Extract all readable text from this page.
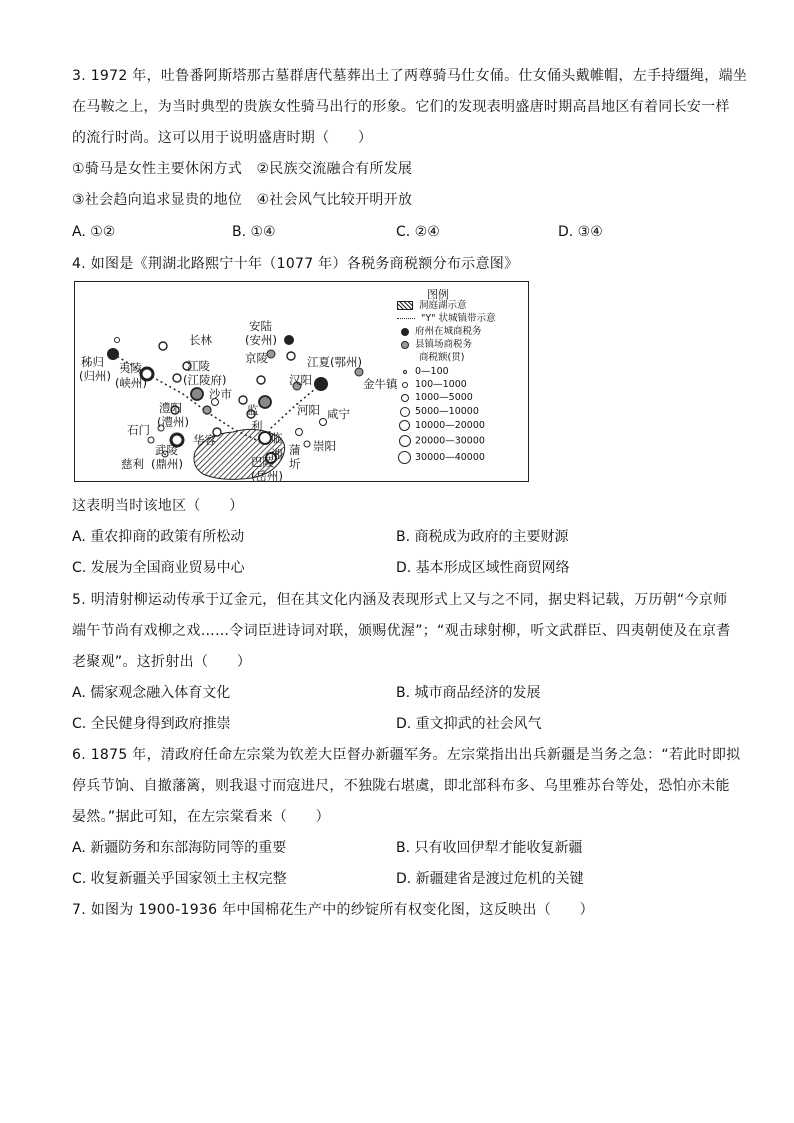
3. 1972 年，吐鲁番阿斯塔那古墓群唐代墓葬出土了两尊骑马仕女俑。仕女俑头戴帷帽，左手持缰绳，端坐
在马鞍之上，为当时典型的贵族女性骑马出行的形象。它们的发现表明盛唐时期高昌地区有着同长安一样
的流行时尚。这可以用于说明盛唐时期（　　）
①骑马是女性主要休闲方式　②民族交流融合有所发展
③社会趋向追求显贵的地位　④社会风气比较开明开放
A. ①②	B. ①④	C. ②④	D. ③④
4. 如图是《荆湖北路熙宁十年（1077 年）各税务商税额分布示意图》
安陆
(安州)
长林
秭归
(归州)
夷陵
(峡州)
京陵
江陵
(江陵府)
沙市
江夏(鄂州)
汉阳	金牛镇
澧阳
(澧州)
石门
河阳
监
利
咸宁
华容	临
湘 蒲
圻
崇阳
武陵
(鼎州)
慈利	巴陵
(岳州)
图例
洞庭湖示意
"Y" 状城镇带示意
府州在城商税务
县镇场商税务
商税额(贯)
0—100
100—1000
1000—5000
5000—10000
10000—20000
20000—30000
30000—40000
这表明当时该地区（　　）
A. 重农抑商的政策有所松动	B. 商税成为政府的主要财源
C. 发展为全国商业贸易中心	D. 基本形成区域性商贸网络
5. 明清射柳运动传承于辽金元，但在其文化内涵及表现形式上又与之不同，据史料记载，万历朝“今京师
端午节尚有戏柳之戏……令词臣进诗词对联，颁赐优渥”；“观击球射柳，听文武群臣、四夷朝使及在京耆
老聚观”。这折射出（　　）
A. 儒家观念融入体育文化	B. 城市商品经济的发展
C. 全民健身得到政府推崇	D. 重文抑武的社会风气
6. 1875 年，清政府任命左宗棠为钦差大臣督办新疆军务。左宗棠指出出兵新疆是当务之急：“若此时即拟
停兵节饷、自撤藩篱，则我退寸而寇进尺，不独陇右堪虞，即北部科布多、乌里雅苏台等处，恐怕亦未能
晏然。”据此可知，在左宗棠看来（　　）
A. 新疆防务和东部海防同等的重要	B. 只有收回伊犁才能收复新疆
C. 收复新疆关乎国家领土主权完整	D. 新疆建省是渡过危机的关键
7. 如图为 1900-1936 年中国棉花生产中的纱锭所有权变化图，这反映出（　　）
